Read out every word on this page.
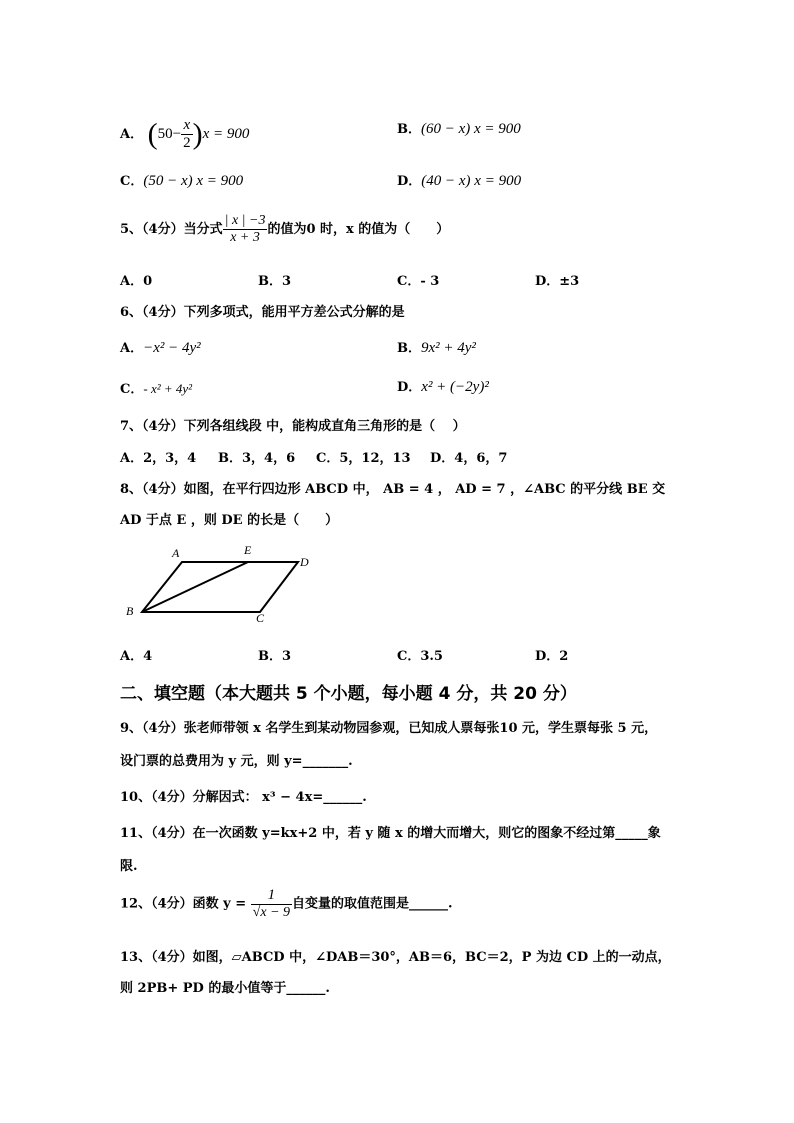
A． $(50- \frac{x}{2} )x = 900$	B．(60 − x) x = 900
C．(50 − x) x = 900	D．(40 − x) x = 900
5、（4分）当分式 $\frac{| x | -3}{x + 3}$ 的值为0 时，x 的值为（　　）
A．0	B．3	C．- 3	D．±3
6、（4分）下列多项式，能用平方差公式分解的是
A．−x² − 4y²	B．9x² + 4y²
C．- x² + 4y²	D．x² + (−2y)²
7、（4分）下列各组线段 中，能构成直角三角形的是（　 ）
A．2，3，4 B．3，4，6 C．5，12，13 D．4，6，7
8、（4分）如图，在平行四边形 ABCD 中， AB = 4 ， AD = 7 ，∠ABC 的平分线 BE 交
AD 于点 E ，则 DE 的长是（　　）
A	E
D
B	C
A．4	B．3	C．3.5	D．2
二、填空题（本大题共 5 个小题，每小题 4 分，共 20 分）
9、（4分）张老师带领 x 名学生到某动物园参观，已知成人票每张10 元，学生票每张 5 元，
设门票的总费用为 y 元，则 y=_______.
10、（4分）分解因式： x³ − 4x=______.
11、（4分）在一次函数 y=kx+2 中，若 y 随 x 的增大而增大，则它的图象不经过第_____象
限.
12、（4分）函数 $y = \frac{1}{√x - 9}$ 自变量的取值范围是______.
13、（4分）如图，▱ABCD 中，∠DAB＝30°，AB＝6，BC＝2，P 为边 CD 上的一动点，
则 2PB+ PD 的最小值等于______.
